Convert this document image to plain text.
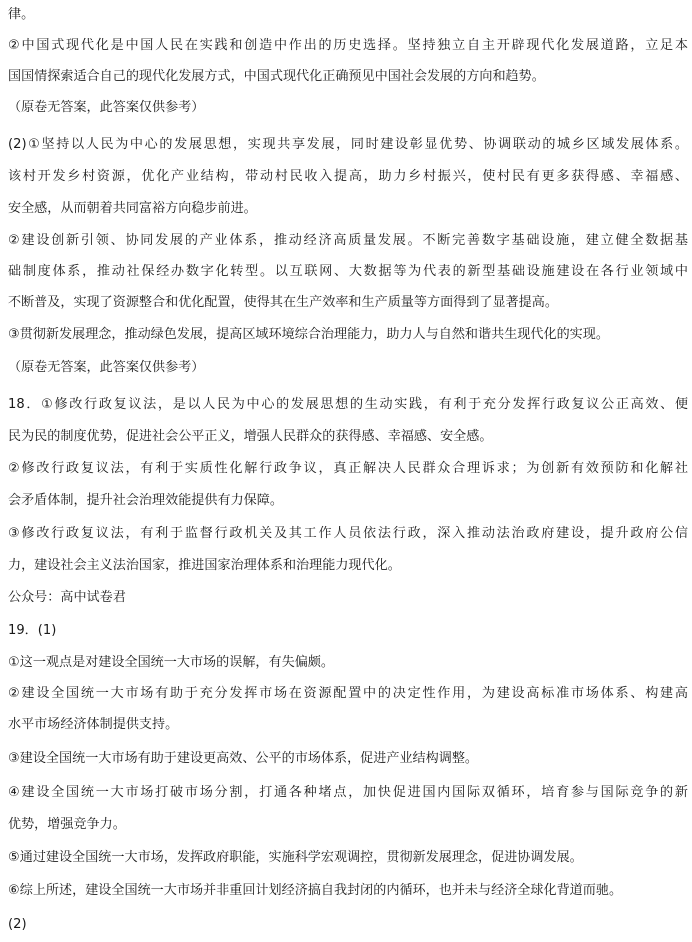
律。
②中国式现代化是中国人民在实践和创造中作出的历史选择。坚持独立自主开辟现代化发展道路，立足本
国国情探索适合自己的现代化发展方式，中国式现代化正确预见中国社会发展的方向和趋势。
（原卷无答案，此答案仅供参考）
(2)①坚持以人民为中心的发展思想，实现共享发展，同时建设彰显优势、协调联动的城乡区域发展体系。
该村开发乡村资源，优化产业结构，带动村民收入提高，助力乡村振兴，使村民有更多获得感、幸福感、
安全感，从而朝着共同富裕方向稳步前进。
②建设创新引领、协同发展的产业体系，推动经济高质量发展。不断完善数字基础设施，建立健全数据基
础制度体系，推动社保经办数字化转型。以互联网、大数据等为代表的新型基础设施建设在各行业领域中
不断普及，实现了资源整合和优化配置，使得其在生产效率和生产质量等方面得到了显著提高。
③贯彻新发展理念，推动绿色发展，提高区域环境综合治理能力，助力人与自然和谐共生现代化的实现。
（原卷无答案，此答案仅供参考）
18．①修改行政复议法，是以人民为中心的发展思想的生动实践，有利于充分发挥行政复议公正高效、便
民为民的制度优势，促进社会公平正义，增强人民群众的获得感、幸福感、安全感。
②修改行政复议法，有利于实质性化解行政争议，真正解决人民群众合理诉求；为创新有效预防和化解社
会矛盾体制，提升社会治理效能提供有力保障。
③修改行政复议法，有利于监督行政机关及其工作人员依法行政，深入推动法治政府建设，提升政府公信
力，建设社会主义法治国家，推进国家治理体系和治理能力现代化。
公众号：高中试卷君
19．(1)
①这一观点是对建设全国统一大市场的误解，有失偏颇。
②建设全国统一大市场有助于充分发挥市场在资源配置中的决定性作用，为建设高标准市场体系、构建高
水平市场经济体制提供支持。
③建设全国统一大市场有助于建设更高效、公平的市场体系，促进产业结构调整。
④建设全国统一大市场打破市场分割，打通各种堵点，加快促进国内国际双循环，培育参与国际竞争的新
优势，增强竞争力。
⑤通过建设全国统一大市场，发挥政府职能，实施科学宏观调控，贯彻新发展理念，促进协调发展。
⑥综上所述，建设全国统一大市场并非重回计划经济搞自我封闭的内循环，也并未与经济全球化背道而驰。
(2)
